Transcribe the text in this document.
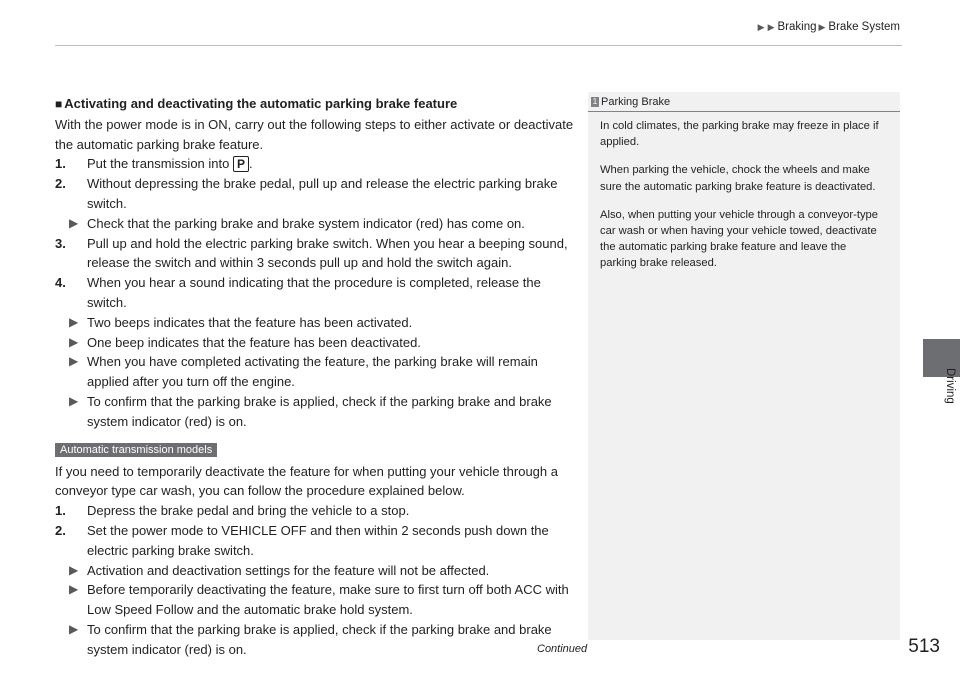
▶ ▶ Braking ▶ Brake System

■ Activating and deactivating the automatic parking brake feature

With the power mode is in ON, carry out the following steps to either activate or deactivate the automatic parking brake feature.

1. Put the transmission into P .

2. Without depressing the brake pedal, pull up and release the electric parking brake switch.

▶ Check that the parking brake and brake system indicator (red) has come on.

3. Pull up and hold the electric parking brake switch. When you hear a beeping sound, release the switch and within 3 seconds pull up and hold the switch again.

4. When you hear a sound indicating that the procedure is completed, release the switch.

▶ Two beeps indicates that the feature has been activated.

▶ One beep indicates that the feature has been deactivated.

▶ When you have completed activating the feature, the parking brake will remain applied after you turn off the engine.

▶ To confirm that the parking brake is applied, check if the parking brake and brake system indicator (red) is on.

Automatic transmission models

If you need to temporarily deactivate the feature for when putting your vehicle through a conveyor type car wash, you can follow the procedure explained below.

1. Depress the brake pedal and bring the vehicle to a stop.

2. Set the power mode to VEHICLE OFF and then within 2 seconds push down the electric parking brake switch.

▶ Activation and deactivation settings for the feature will not be affected.

▶ Before temporarily deactivating the feature, make sure to first turn off both ACC with Low Speed Follow and the automatic brake hold system.

▶ To confirm that the parking brake is applied, check if the parking brake and brake system indicator (red) is on.

1 Parking Brake

In cold climates, the parking brake may freeze in place if applied.

When parking the vehicle, chock the wheels and make sure the automatic parking brake feature is deactivated.

Also, when putting your vehicle through a conveyor-type car wash or when having your vehicle towed, deactivate the automatic parking brake feature and leave the parking brake released.

Driving
Continued	513
